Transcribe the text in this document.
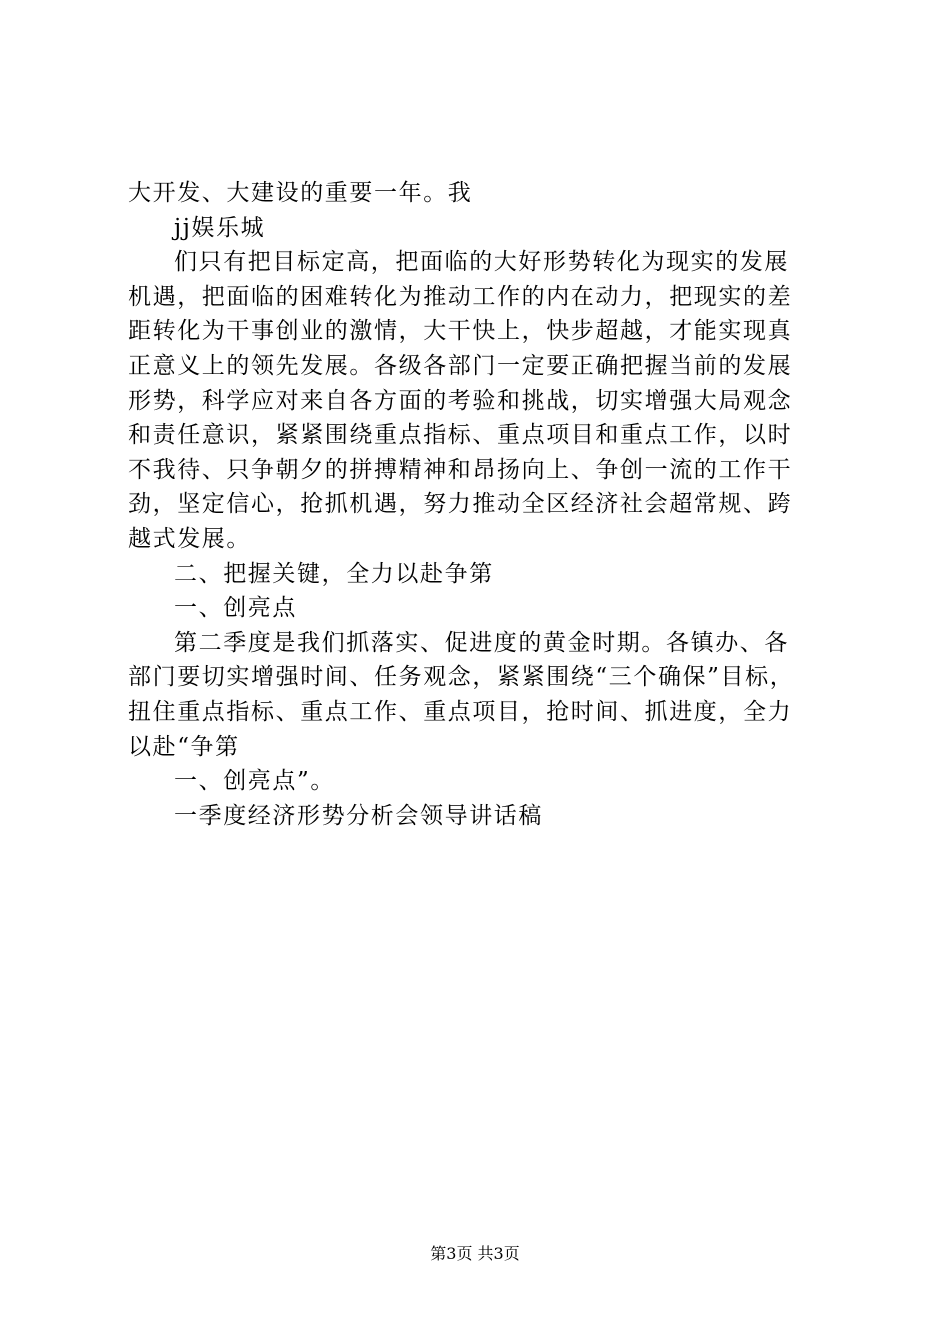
大开发、大建设的重要一年。我
jj娱乐城
们只有把目标定高，把面临的大好形势转化为现实的发展
机遇，把面临的困难转化为推动工作的内在动力，把现实的差
距转化为干事创业的激情，大干快上，快步超越，才能实现真
正意义上的领先发展。各级各部门一定要正确把握当前的发展
形势，科学应对来自各方面的考验和挑战，切实增强大局观念
和责任意识，紧紧围绕重点指标、重点项目和重点工作，以时
不我待、只争朝夕的拼搏精神和昂扬向上、争创一流的工作干
劲，坚定信心，抢抓机遇，努力推动全区经济社会超常规、跨
越式发展。
二、把握关键，全力以赴争第
一、创亮点
第二季度是我们抓落实、促进度的黄金时期。各镇办、各
部门要切实增强时间、任务观念，紧紧围绕“三个确保”目标，
扭住重点指标、重点工作、重点项目，抢时间、抓进度，全力
以赴“争第
一、创亮点”。
一季度经济形势分析会领导讲话稿
第3页 共3页
